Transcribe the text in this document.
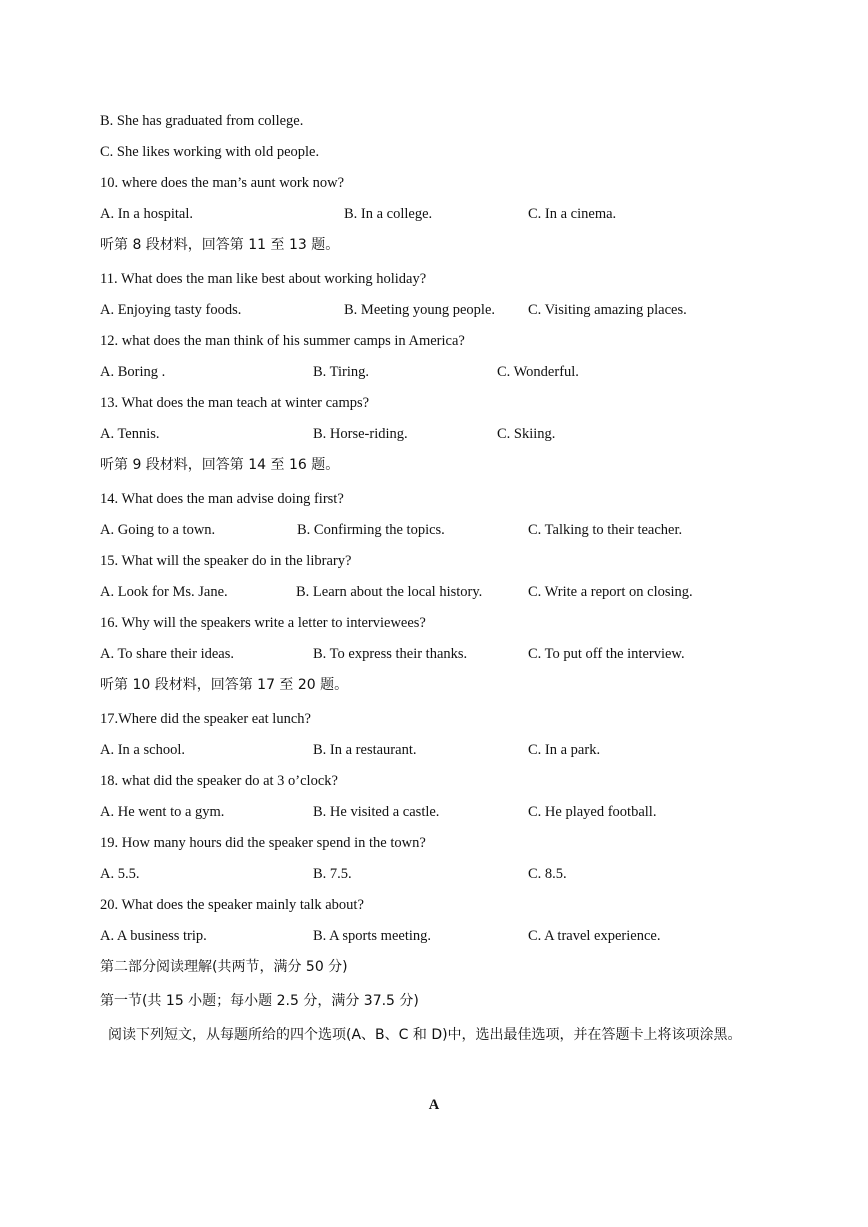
B. She has graduated from college.
C. She likes working with old people.
10. where does the man’s aunt work now?
A. In a hospital.	B. In a college.	C. In a cinema.
听第 8 段材料，回答第 11 至 13 题。
11. What does the man like best about working holiday?
A. Enjoying tasty foods.	B. Meeting young people. C. Visiting amazing places.
12. what does the man think of his summer camps in America?
A. Boring .	B. Tiring.	C. Wonderful.
13. What does the man teach at winter camps?
A. Tennis.	B. Horse-riding.	C. Skiing.
听第 9 段材料，回答第 14 至 16 题。
14. What does the man advise doing first?
A. Going to a town.	B. Confirming the topics.	C. Talking to their teacher.
15. What will the speaker do in the library?
A. Look for Ms. Jane.	B. Learn about the local history.	C. Write a report on closing.
16. Why will the speakers write a letter to interviewees?
A. To share their ideas.	B. To express their thanks.	C. To put off the interview.
听第 10 段材料，回答第 17 至 20 题。
17.Where did the speaker eat lunch?
A. In a school.	B. In a restaurant.	C. In a park.
18. what did the speaker do at 3 o’clock?
A. He went to a gym.	B. He visited a castle.	C. He played football.
19. How many hours did the speaker spend in the town?
A. 5.5.	B. 7.5.	C. 8.5.
20. What does the speaker mainly talk about?
A. A business trip.	B. A sports meeting.	C. A travel experience.
第二部分阅读理解(共两节，满分 50 分)
第一节(共 15 小题；每小题 2.5 分，满分 37.5 分)
阅读下列短文，从每题所给的四个选项(A、B、C 和 D)中，选出最佳选项，并在答题卡上将该项涂黑。
A
